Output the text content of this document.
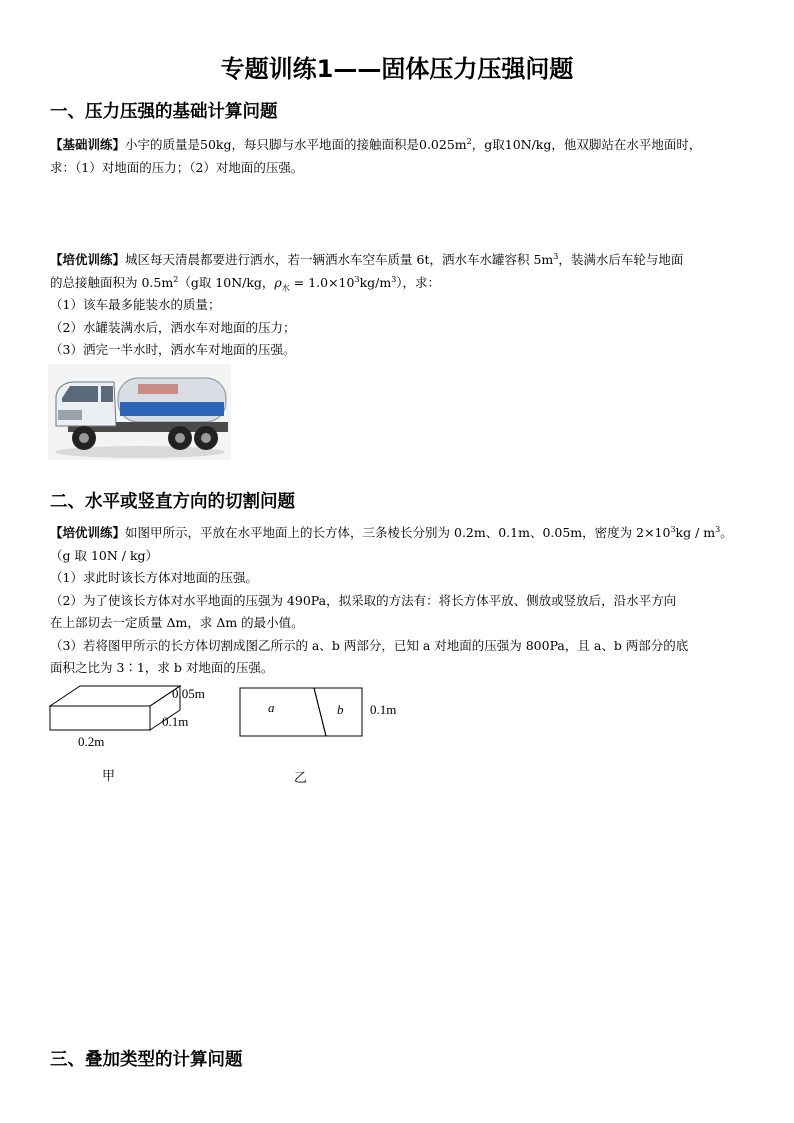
专题训练1——固体压力压强问题
一、压力压强的基础计算问题

【基础训练】小宇的质量是50kg，每只脚与水平地面的接触面积是$0.025m^2$，g取10N/kg，他双脚站在水平地面时，

求：（1）对地面的压力；（2）对地面的压强。

【培优训练】城区每天清晨都要进行洒水，若一辆洒水车空车质量 6t，洒水车水罐容积 $5m^3$，装满水后车轮与地面

的总接触面积为 $0.5m^2(g$取 10N/kg，$\rho_水 = 1.0\times 10^3kg/m^3$），求：

（1）该车最多能装水的质量；

（2）水罐装满水后，洒水车对地面的压力；

（3）洒完一半水时，洒水车对地面的压强。

二、水平或竖直方向的切割问题

【培优训练】如图甲所示，平放在水平地面上的长方体，三条棱长分别为 0.2m、0.1m、0.05m，密度为 $2\times 10^3kg / m^3$。

（g 取 10N / kg）

（1）求此时该长方体对地面的压强。

（2）为了使该长方体对水平地面的压强为 490Pa，拟采取的方法有：将长方体平放、侧放或竖放后，沿水平方向

在上部切去一定质量 Δm，求 Δm 的最小值。

（3）若将图甲所示的长方体切割成图乙所示的 a、b 两部分，已知 a 对地面的压强为 800Pa，且 a、b 两部分的底

面积之比为 3∶1，求 b 对地面的压强。

0.05m
0.1m
0.2m
甲
a	b 0.1m
乙
三、叠加类型的计算问题
